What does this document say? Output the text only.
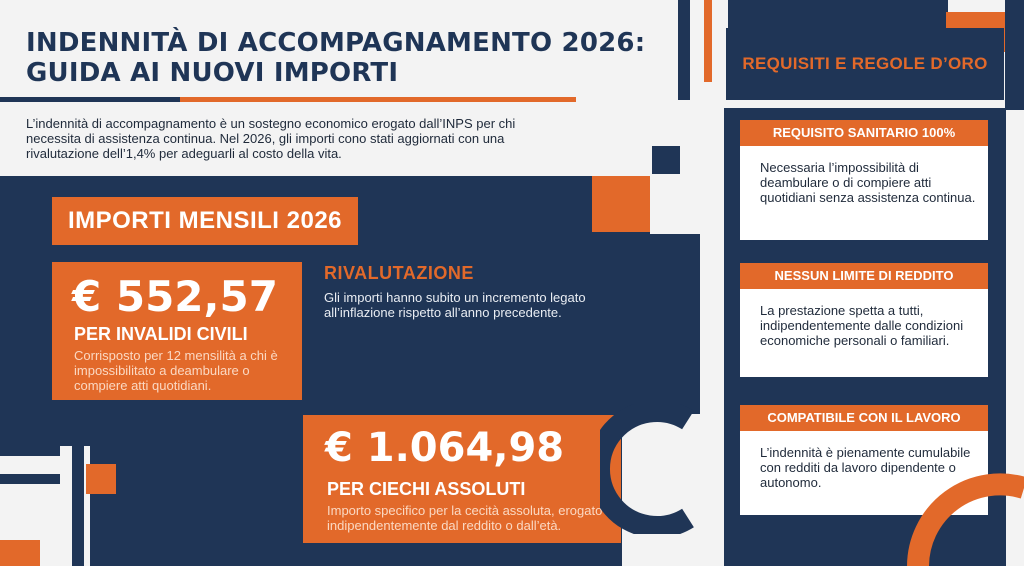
INDENNITÀ DI ACCOMPAGNAMENTO 2026:
GUIDA AI NUOVI IMPORTI
L’indennità di accompagnamento è un sostegno economico erogato dall’INPS per chi necessita di assistenza continua. Nel 2026, gli importi cono stati aggiornati con una rivalutazione dell’1,4% per adeguarli al costo della vita.
IMPORTI MENSILI 2026
€ 552,57
PER INVALIDI CIVILI
Corrisposto per 12 mensilità a chi è impossibilitato a deambulare o compiere atti quotidiani.
RIVALUTAZIONE
Gli importi hanno subito un incremento legato all’inflazione rispetto all’anno precedente.
€ 1.064,98
PER CIECHI ASSOLUTI
Importo specifico per la cecità assoluta, erogato indipendentemente dal reddito o dall’età.
REQUISITI E REGOLE D’ORO
REQUISITO SANITARIO 100%
Necessaria l’impossibilità di deambulare o di compiere atti quotidiani senza assistenza continua.
NESSUN LIMITE DI REDDITO
La prestazione spetta a tutti, indipendentemente dalle condizioni economiche personali o familiari.
COMPATIBILE CON IL LAVORO
L’indennità è pienamente cumulabile con redditi da lavoro dipendente o autonomo.
